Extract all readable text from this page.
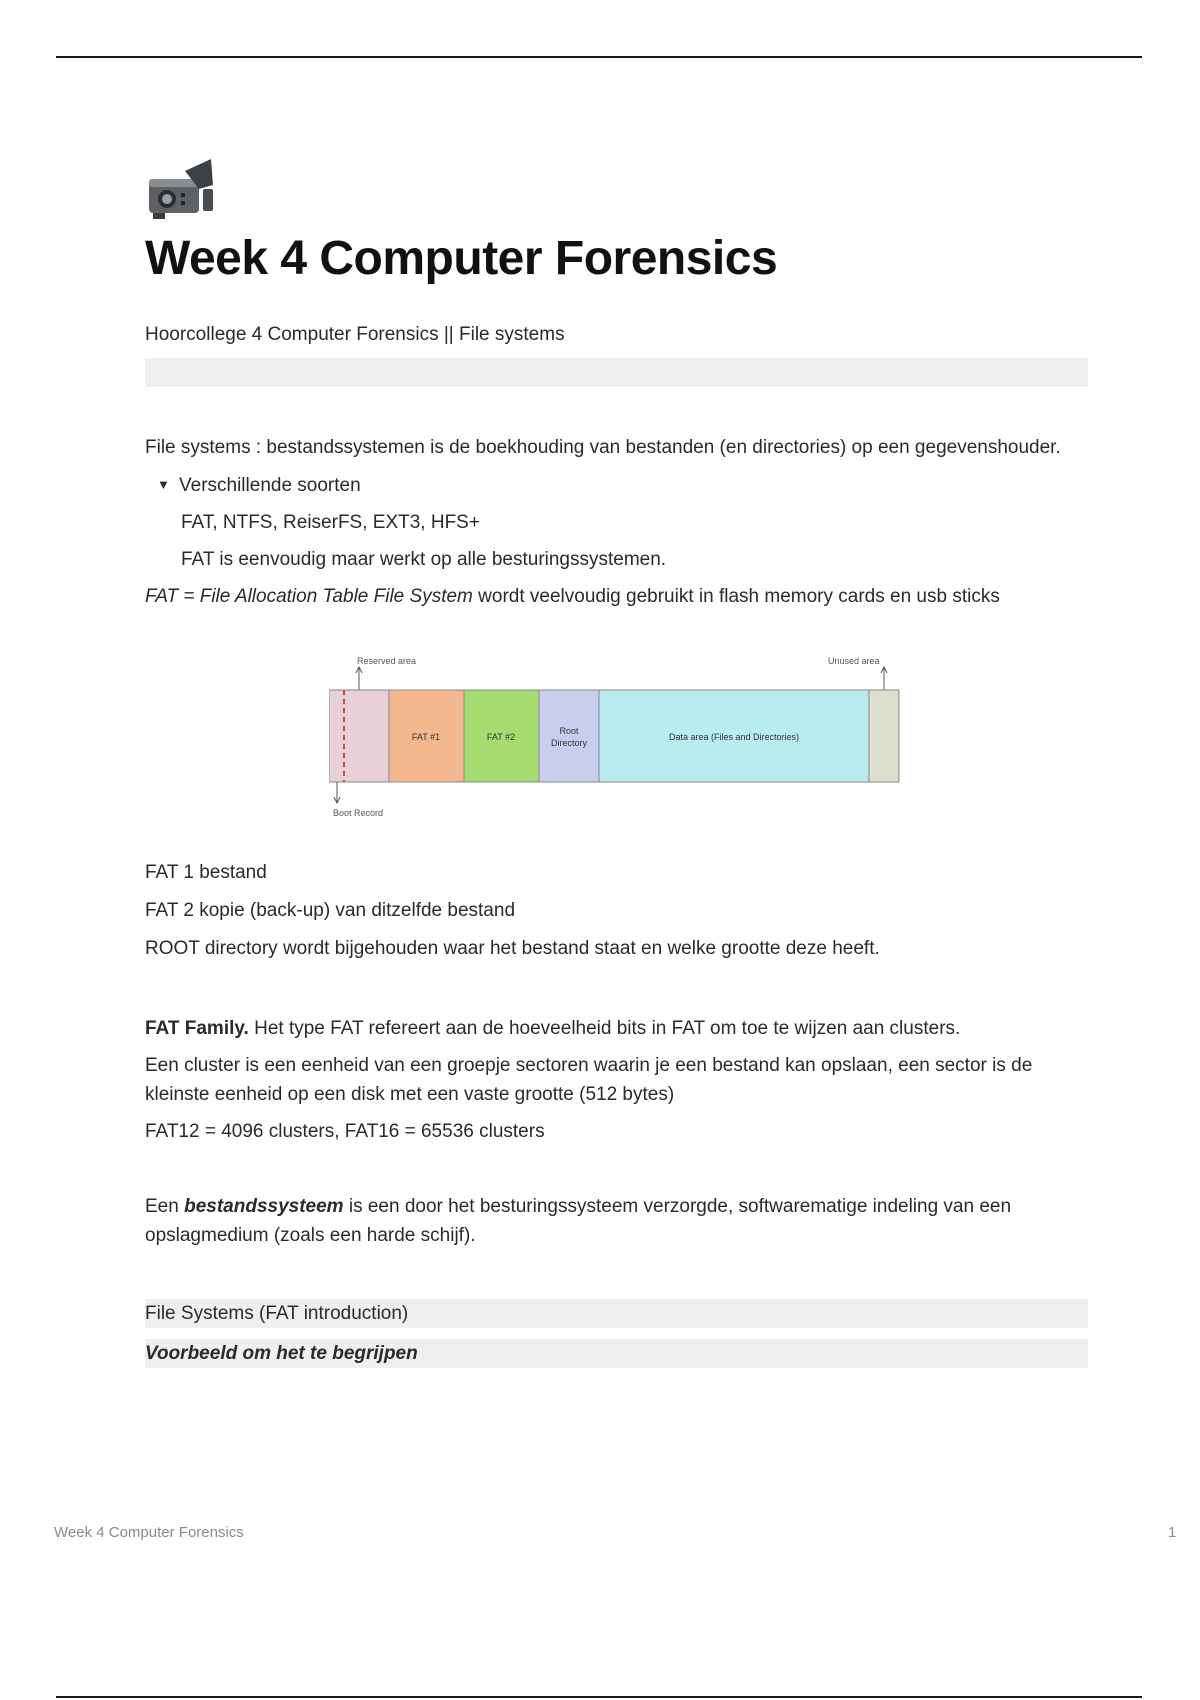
Week 4 Computer Forensics
Hoorcollege 4 Computer Forensics || File systems

File systems : bestandssystemen is de boekhouding van bestanden (en directories) op een gegevenshouder.

▼ Verschillende soorten

FAT, NTFS, ReiserFS, EXT3, HFS+

FAT is eenvoudig maar werkt op alle besturingssystemen.

FAT = File Allocation Table File System wordt veelvoudig gebruikt in flash memory cards en usb sticks

Reserved area	Unused area
FAT #1	FAT #2
Root
Directory
Data area (Files and Directories)
Boot Record

FAT 1 bestand

FAT 2 kopie (back-up) van ditzelfde bestand

ROOT directory wordt bijgehouden waar het bestand staat en welke grootte deze heeft.

FAT Family. Het type FAT refereert aan de hoeveelheid bits in FAT om toe te wijzen aan clusters.

Een cluster is een eenheid van een groepje sectoren waarin je een bestand kan opslaan, een sector is de kleinste eenheid op een disk met een vaste grootte (512 bytes)

FAT12 = 4096 clusters, FAT16 = 65536 clusters

Een bestandssysteem is een door het besturingssysteem verzorgde, softwarematige indeling van een opslagmedium (zoals een harde schijf).

File Systems (FAT introduction)
Voorbeeld om het te begrijpen
Week 4 Computer Forensics	1
